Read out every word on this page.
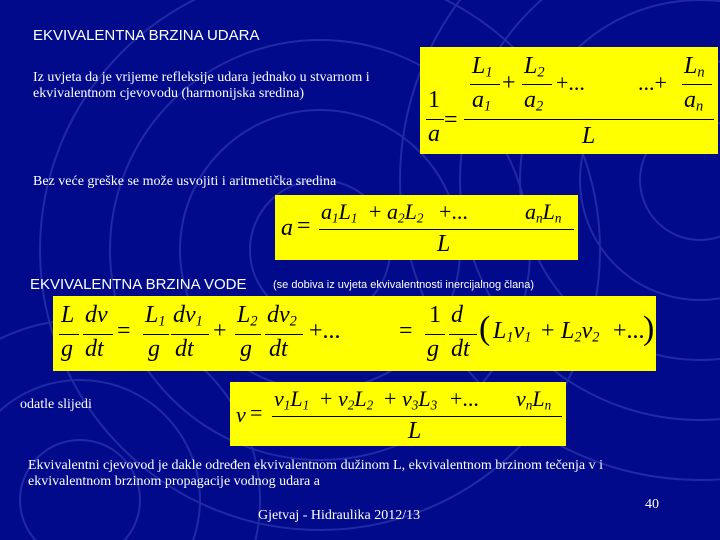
EKVIVALENTNA BRZINA UDARA
Iz uvjeta da je vrijeme refleksije udara jednako u stvarnom i ekvivalentnom cjevovodu (harmonijska sredina)	1
a
=
$L_1$
$a_1$
+
$L_2$
$a_2$
+... ...+
$L_n$
$a_n$
L
Bez veće greške se može usvojiti i aritmetička sredina
a =
$a_1L_1 + a_2L_2$ +...	$a_nL_n$
L
EKVIVALENTNA BRZINA VODE (se dobiva iz uvjeta ekvivalentnosti inercijalnog člana)
L
g
dv
dt
=
$L_1$
g
$dv_1$
dt
+
$L_2$
g
$dv_2$
dt
+... =
1
g
d
dt
( $L_1v_1 + L_2v_2$ +...
)
odatle slijedi	v =
$v_1L_1 + v_2L_2 + v_3L_3$ +... $v_nL_n$
L
Ekvivalentni cjevovod je dakle određen ekvivalentnom dužinom L, ekvivalentnom brzinom tečenja v i ekvivalentnom brzinom propagacije vodnog udara a
Gjetvaj - Hidraulika 2012/13
40
